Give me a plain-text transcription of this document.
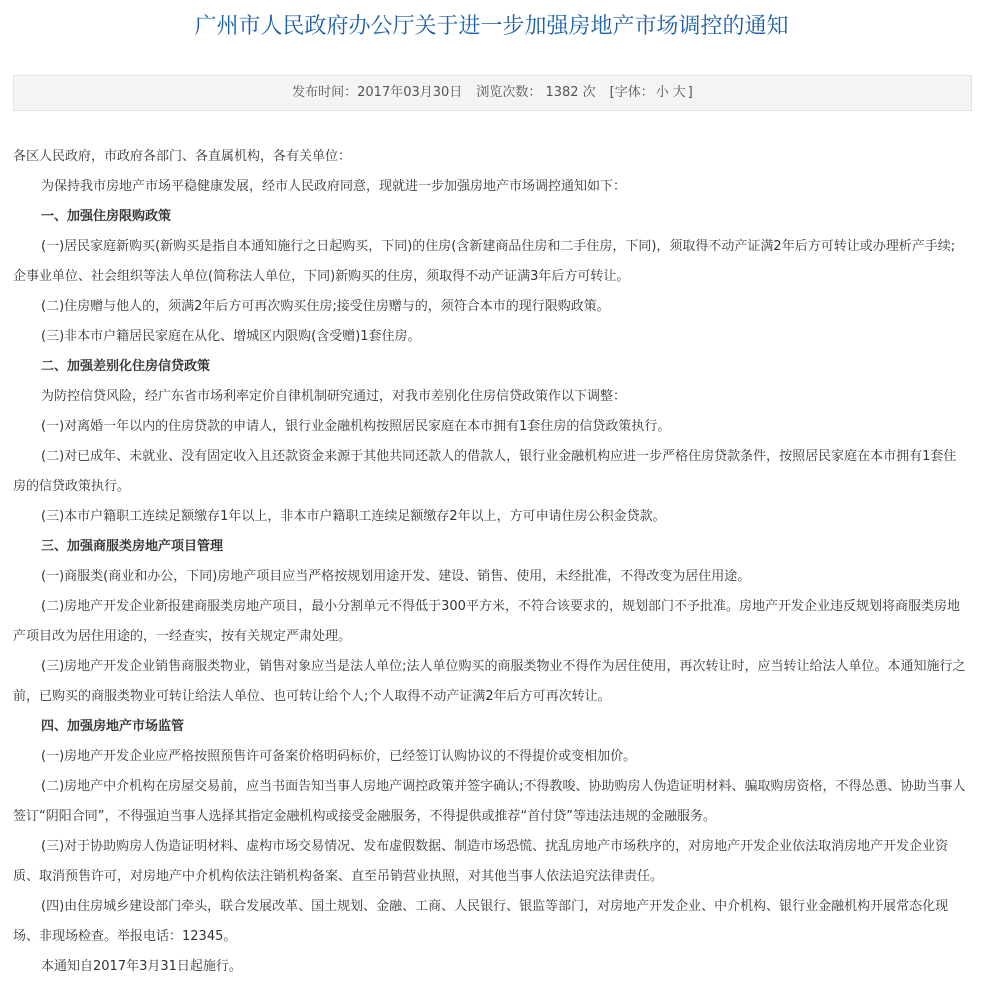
广州市人民政府办公厅关于进一步加强房地产市场调控的通知
发布时间：2017年03月30日 浏览次数： 1382 次 [字体： 小 大 ]

各区人民政府，市政府各部门、各直属机构，各有关单位：

为保持我市房地产市场平稳健康发展，经市人民政府同意，现就进一步加强房地产市场调控通知如下：

一、加强住房限购政策

(一)居民家庭新购买(新购买是指自本通知施行之日起购买，下同)的住房(含新建商品住房和二手住房，下同)，须取得不动产证满2年后方可转让或办理析产手续;企事业单位、社会组织等法人单位(简称法人单位，下同)新购买的住房，须取得不动产证满3年后方可转让。

(二)住房赠与他人的，须满2年后方可再次购买住房;接受住房赠与的，须符合本市的现行限购政策。

(三)非本市户籍居民家庭在从化、增城区内限购(含受赠)1套住房。

二、加强差别化住房信贷政策

为防控信贷风险，经广东省市场利率定价自律机制研究通过，对我市差别化住房信贷政策作以下调整：

(一)对离婚一年以内的住房贷款的申请人，银行业金融机构按照居民家庭在本市拥有1套住房的信贷政策执行。

(二)对已成年、未就业、没有固定收入且还款资金来源于其他共同还款人的借款人，银行业金融机构应进一步严格住房贷款条件，按照居民家庭在本市拥有1套住房的信贷政策执行。

(三)本市户籍职工连续足额缴存1年以上，非本市户籍职工连续足额缴存2年以上，方可申请住房公积金贷款。

三、加强商服类房地产项目管理

(一)商服类(商业和办公，下同)房地产项目应当严格按规划用途开发、建设、销售、使用，未经批准，不得改变为居住用途。

(二)房地产开发企业新报建商服类房地产项目，最小分割单元不得低于300平方米，不符合该要求的，规划部门不予批准。房地产开发企业违反规划将商服类房地产项目改为居住用途的，一经查实，按有关规定严肃处理。

(三)房地产开发企业销售商服类物业，销售对象应当是法人单位;法人单位购买的商服类物业不得作为居住使用，再次转让时，应当转让给法人单位。本通知施行之前，已购买的商服类物业可转让给法人单位、也可转让给个人;个人取得不动产证满2年后方可再次转让。

四、加强房地产市场监管

(一)房地产开发企业应严格按照预售许可备案价格明码标价，已经签订认购协议的不得提价或变相加价。

(二)房地产中介机构在房屋交易前，应当书面告知当事人房地产调控政策并签字确认;不得教唆、协助购房人伪造证明材料、骗取购房资格，不得怂恿、协助当事人签订“阴阳合同”，不得强迫当事人选择其指定金融机构或接受金融服务，不得提供或推荐“首付贷”等违法违规的金融服务。

(三)对于协助购房人伪造证明材料、虚构市场交易情况、发布虚假数据、制造市场恐慌、扰乱房地产市场秩序的，对房地产开发企业依法取消房地产开发企业资质、取消预售许可，对房地产中介机构依法注销机构备案、直至吊销营业执照，对其他当事人依法追究法律责任。

(四)由住房城乡建设部门牵头，联合发展改革、国土规划、金融、工商、人民银行、银监等部门，对房地产开发企业、中介机构、银行业金融机构开展常态化现场、非现场检查。举报电话：12345。

本通知自2017年3月31日起施行。
